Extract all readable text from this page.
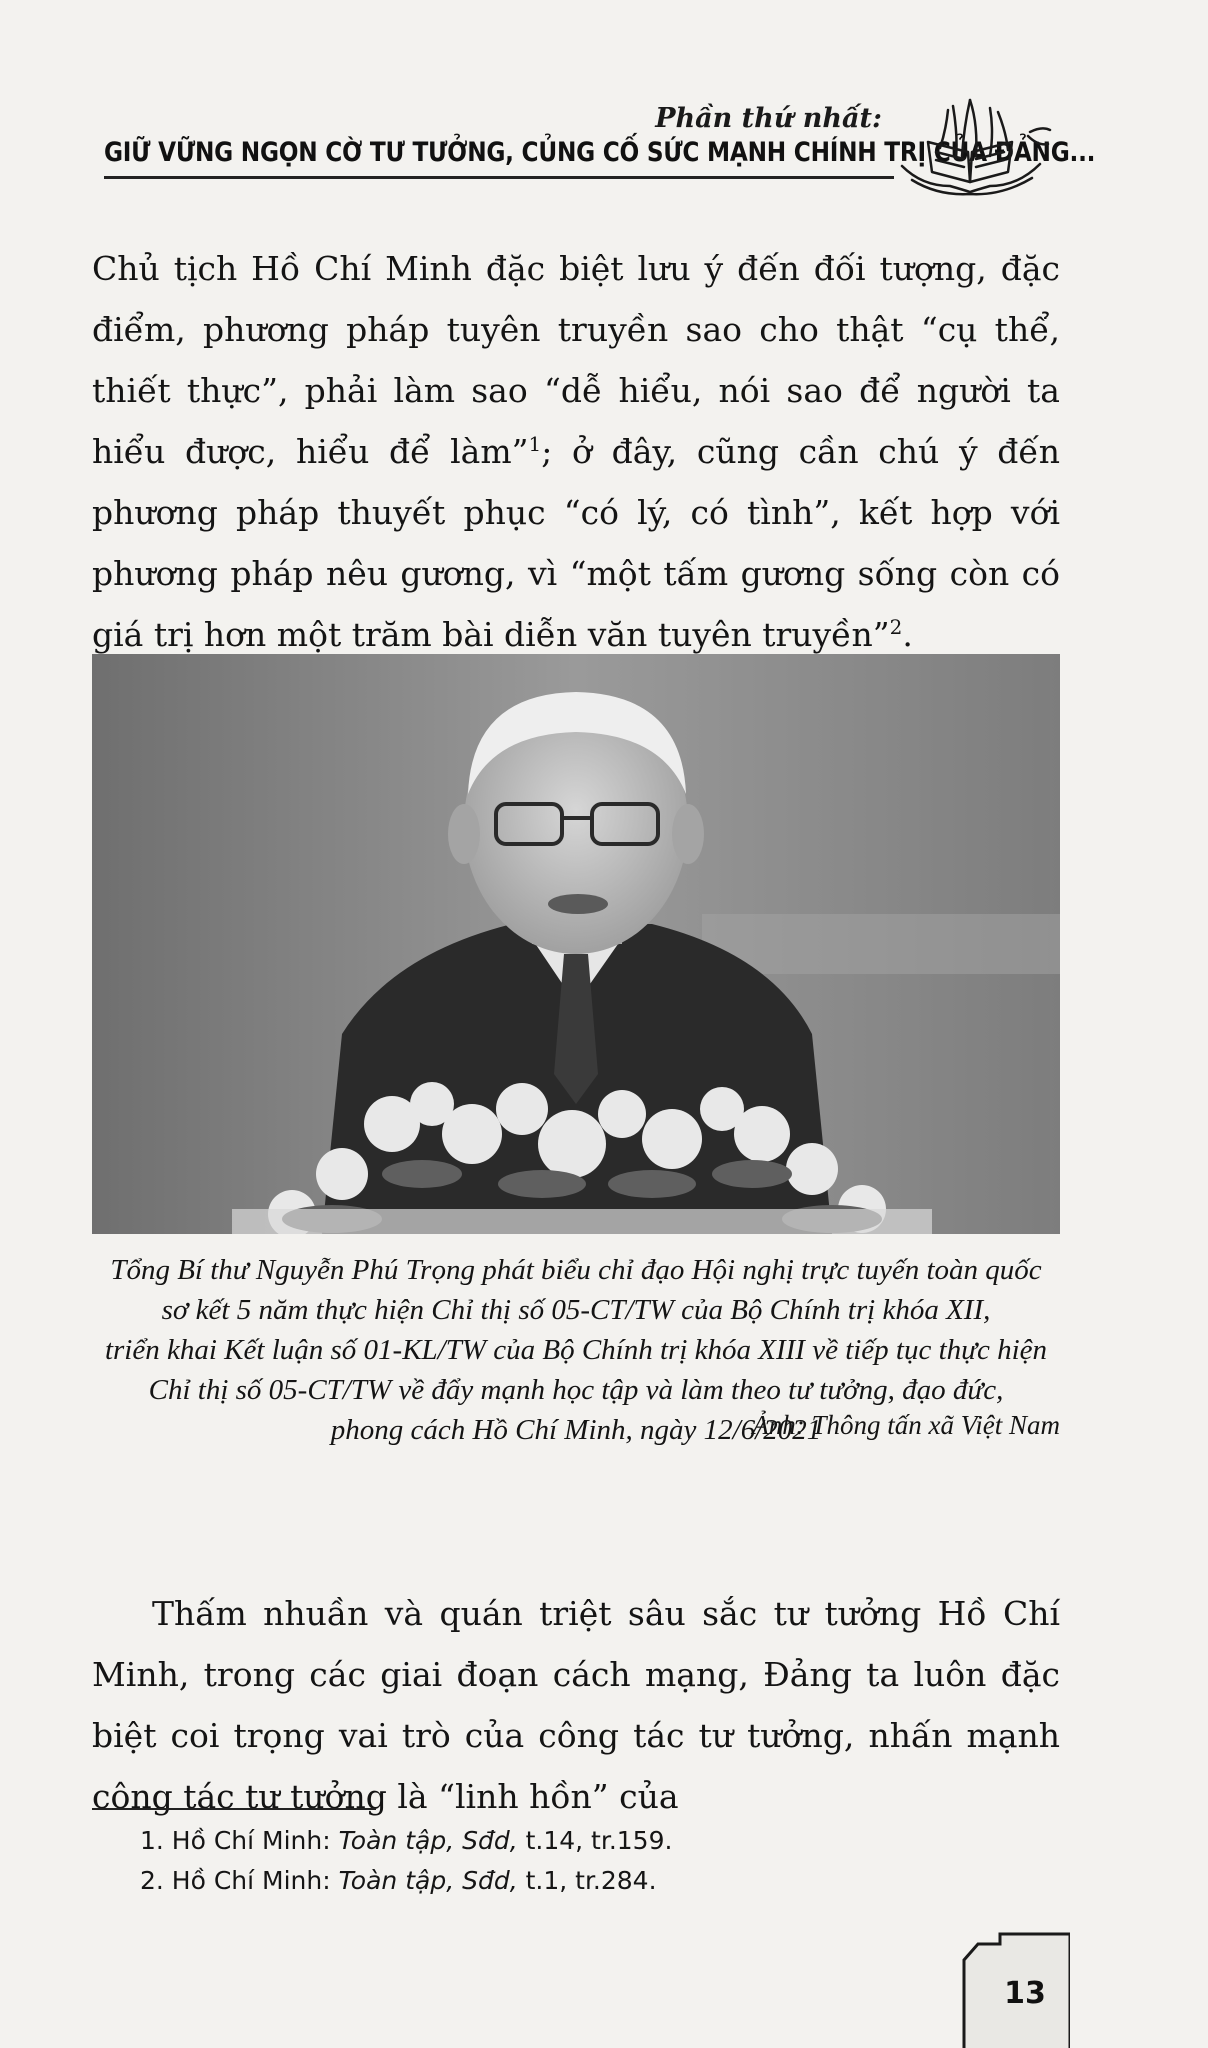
Phần thứ nhất:
GIỮ VỮNG NGỌN CỜ TƯ TƯỞNG, CỦNG CỐ SỨC MẠNH CHÍNH TRỊ CỦA ĐẢNG...
Chủ tịch Hồ Chí Minh đặc biệt lưu ý đến đối tượng, đặc điểm, phương pháp tuyên truyền sao cho thật “cụ thể, thiết thực”, phải làm sao “dễ hiểu, nói sao để người ta hiểu được, hiểu để làm”$^1$; ở đây, cũng cần chú ý đến phương pháp thuyết phục “có lý, có tình”, kết hợp với phương pháp nêu gương, vì “một tấm gương sống còn có giá trị hơn một trăm bài diễn văn tuyên truyền”$^2$.
Tổng Bí thư Nguyễn Phú Trọng phát biểu chỉ đạo Hội nghị trực tuyến toàn quốc
sơ kết 5 năm thực hiện Chỉ thị số 05-CT/TW của Bộ Chính trị khóa XII,
triển khai Kết luận số 01-KL/TW của Bộ Chính trị khóa XIII về tiếp tục thực hiện
Chỉ thị số 05-CT/TW về đẩy mạnh học tập và làm theo tư tưởng, đạo đức,
phong cách Hồ Chí Minh, ngày 12/6/2021
Ảnh: Thông tấn xã Việt Nam
Thấm nhuần và quán triệt sâu sắc tư tưởng Hồ Chí Minh, trong các giai đoạn cách mạng, Đảng ta luôn đặc biệt coi trọng vai trò của công tác tư tưởng, nhấn mạnh công tác tư tưởng là “linh hồn” của
1. Hồ Chí Minh: Toàn tập, Sđd, t.14, tr.159.
2. Hồ Chí Minh: Toàn tập, Sđd, t.1, tr.284.
13
